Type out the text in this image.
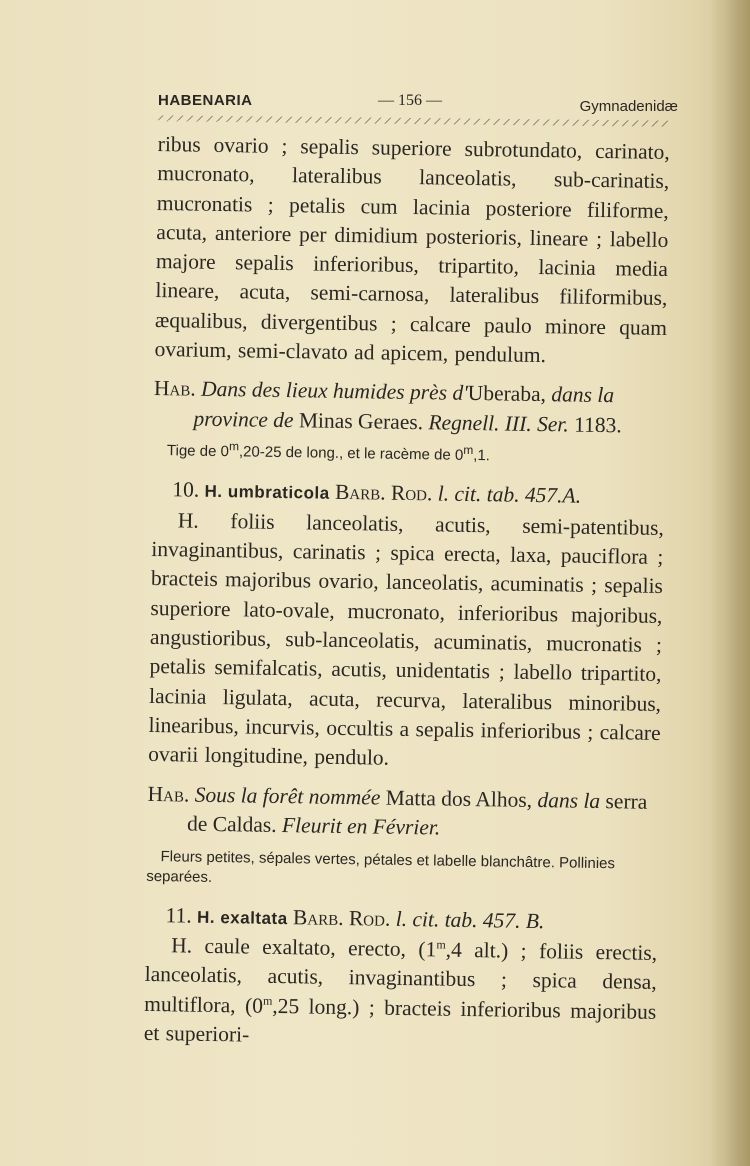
HABENARIA	— 156 —	Gymnadenidæ

ribus ovario ; sepalis superiore subrotundato, carinato, mucronato, lateralibus lanceolatis, sub-carinatis, mucronatis ; petalis cum lacinia posteriore filiforme, acuta, anteriore per dimidium posterioris, lineare ; labello majore sepalis inferioribus, tripartito, lacinia media lineare, acuta, semi-carnosa, lateralibus filiformibus, æqualibus, divergentibus ; calcare paulo minore quam ovarium, semi-clavato ad apicem, pendulum.

Hab. Dans des lieux humides près d'Uberaba, dans la province de Minas Geraes. Regnell. III. Ser. 1183.

Tige de 0$^m$,20-25 de long., et le racème de 0$^m$,1.

10. H. umbraticola Barb. Rod. l. cit. tab. 457.A.

H. foliis lanceolatis, acutis, semi-patentibus, invaginantibus, carinatis ; spica erecta, laxa, pauciflora ; bracteis majoribus ovario, lanceolatis, acuminatis ; sepalis superiore lato-ovale, mucronato, inferioribus majoribus, angustioribus, sub-lanceolatis, acuminatis, mucronatis ; petalis semifalcatis, acutis, unidentatis ; labello tripartito, lacinia ligulata, acuta, recurva, lateralibus minoribus, linearibus, incurvis, occultis a sepalis inferioribus ; calcare ovarii longitudine, pendulo.

Hab. Sous la forêt nommée Matta dos Alhos, dans la serra de Caldas. Fleurit en Février.

Fleurs petites, sépales vertes, pétales et labelle blanchâtre. Pollinies separées.

11. H. exaltata Barb. Rod. l. cit. tab. 457. B.

H. caule exaltato, erecto, (1$^m$,4 alt.) ; foliis erectis, lanceolatis, acutis, invaginantibus ; spica densa, multiflora, (0$^m$,25 long.) ; bracteis inferioribus majoribus et superiori-
